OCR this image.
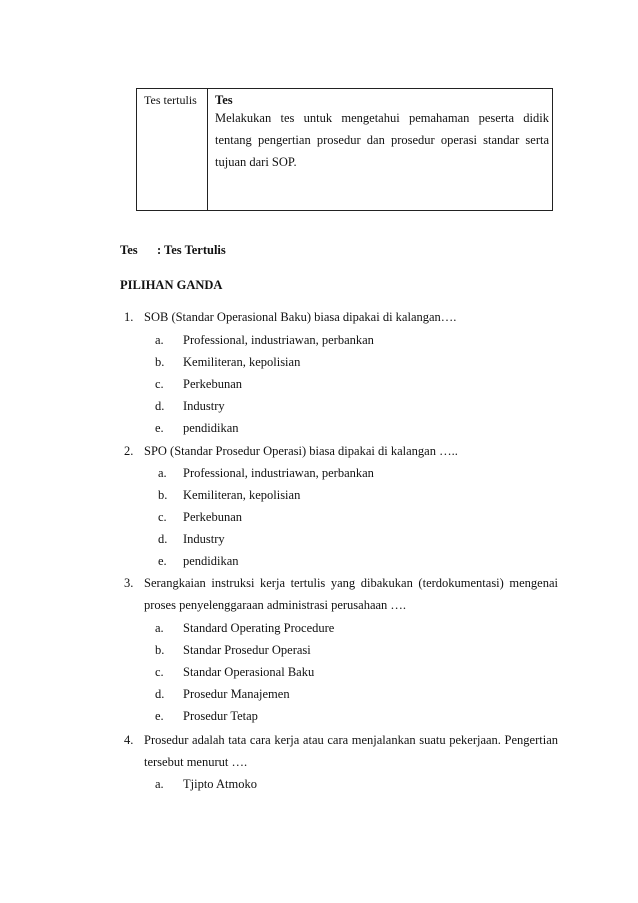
Tes tertulis Tes
Melakukan tes untuk mengetahui pemahaman peserta didik tentang pengertian prosedur dan prosedur operasi standar serta tujuan dari SOP.
Tes : Tes Tertulis
PILIHAN GANDA
1. SOB (Standar Operasional Baku) biasa dipakai di kalangan….
a. Professional, industriawan, perbankan
b. Kemiliteran, kepolisian
c. Perkebunan
d. Industry
e. pendidikan
2. SPO (Standar Prosedur Operasi) biasa dipakai di kalangan …..
a. Professional, industriawan, perbankan
b. Kemiliteran, kepolisian
c. Perkebunan
d. Industry
e. pendidikan
3. Serangkaian instruksi kerja tertulis yang dibakukan (terdokumentasi) mengenai proses penyelenggaraan administrasi perusahaan ….
a. Standard Operating Procedure
b. Standar Prosedur Operasi
c. Standar Operasional Baku
d. Prosedur Manajemen
e. Prosedur Tetap
4. Prosedur adalah tata cara kerja atau cara menjalankan suatu pekerjaan. Pengertian tersebut menurut ….
a. Tjipto Atmoko
